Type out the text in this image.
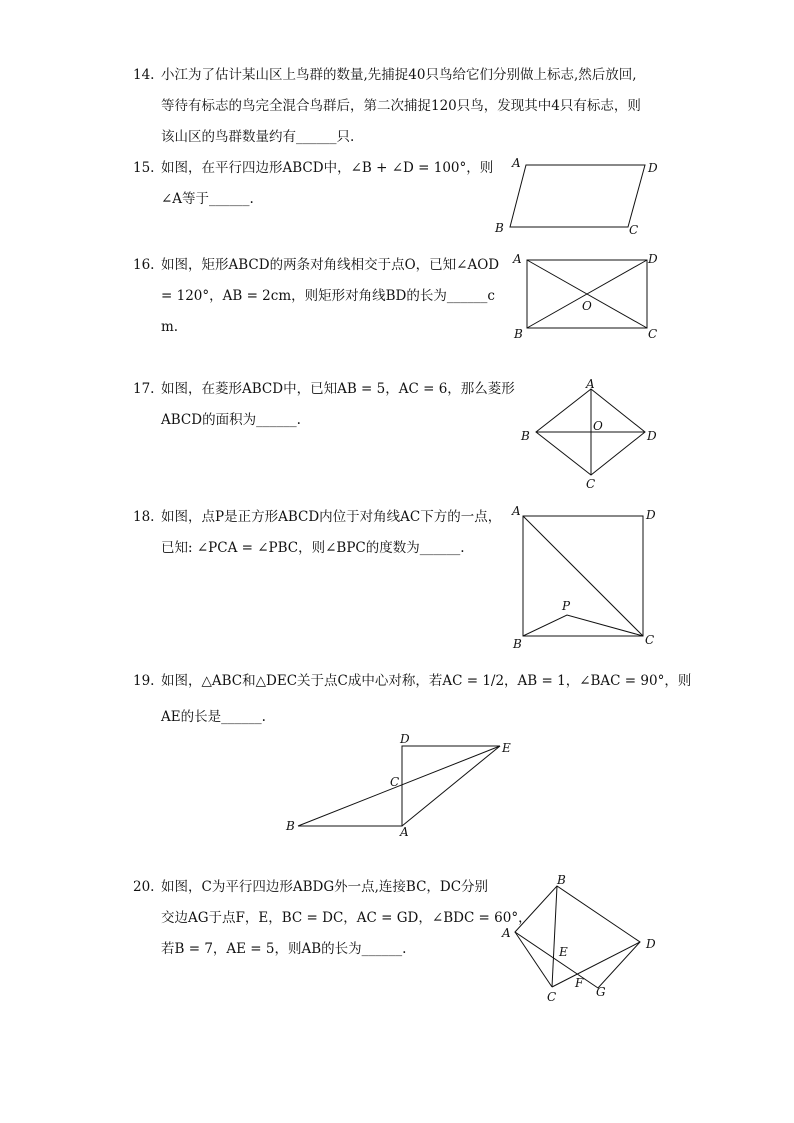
14. 小江为了估计某山区上鸟群的数量,先捕捉40只鸟给它们分别做上标志,然后放回,
等待有标志的鸟完全混合鸟群后，第二次捕捉120只鸟，发现其中4只有标志，则
该山区的鸟群数量约有______只.
15. 如图，在平行四边形ABCD中，∠B + ∠D = 100°，则
∠A等于______.
A	D
B	C
16. 如图，矩形ABCD的两条对角线相交于点O，已知∠AOD
= 120°，AB = 2cm，则矩形对角线BD的长为______c
m.
A	D
B	C
O
17. 如图，在菱形ABCD中，已知AB = 5，AC = 6，那么菱形
ABCD的面积为______.
A
D
B
C
O
18. 如图，点P是正方形ABCD内位于对角线AC下方的一点，
已知: ∠PCA = ∠PBC，则∠BPC的度数为______.
A	D
B	C
P
19. 如图，△ABC和△DEC关于点C成中心对称，若AC = 1/2，AB = 1，∠BAC = 90°，则
AE的长是______.
B	A
C
D
E
20. 如图，C为平行四边形ABDG外一点,连接BC，DC分别
交边AG于点F，E，BC = DC，AC = GD，∠BDC = 60°，
若B = 7，AE = 5，则AB的长为______.
A
B
D
C
E
F
G
